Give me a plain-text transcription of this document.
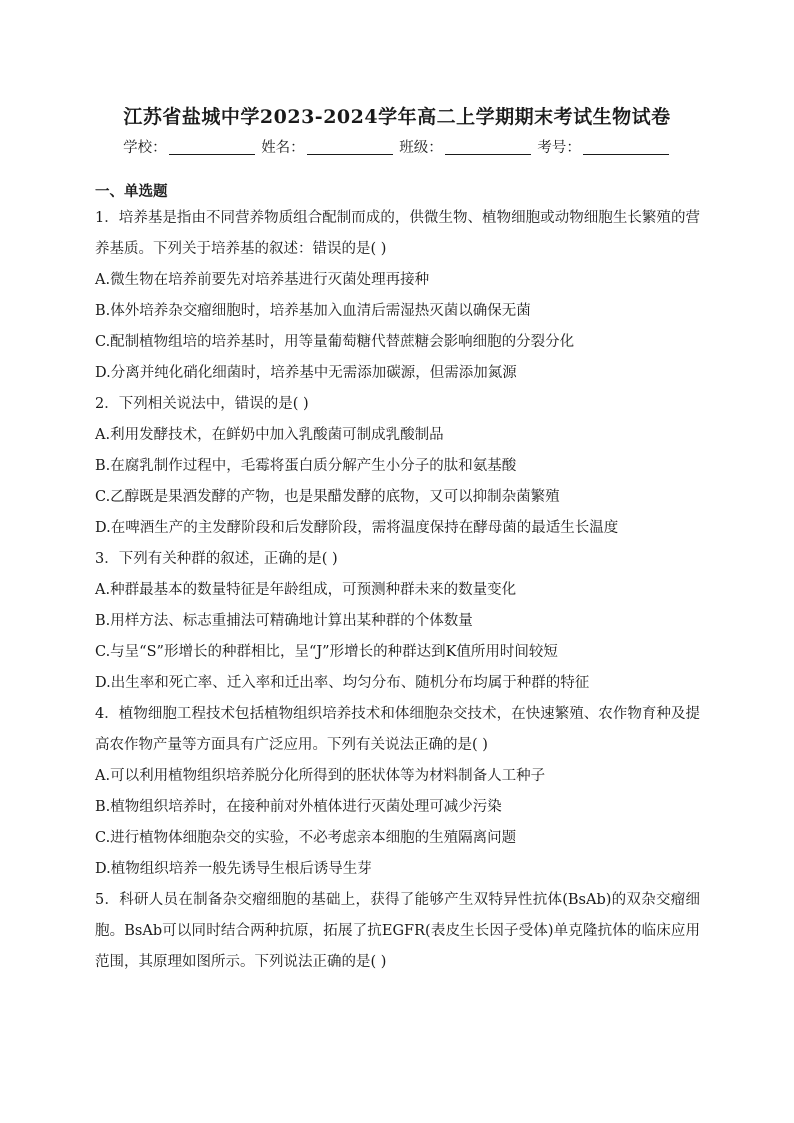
江苏省盐城中学2023-2024学年高二上学期期末考试生物试卷
学校：	姓名：	班级：	考号：
一、单选题
1．培养基是指由不同营养物质组合配制而成的，供微生物、植物细胞或动物细胞生长繁殖的营养基质。下列关于培养基的叙述：错误的是( )
A.微生物在培养前要先对培养基进行灭菌处理再接种
B.体外培养杂交瘤细胞时，培养基加入血清后需湿热灭菌以确保无菌
C.配制植物组培的培养基时，用等量葡萄糖代替蔗糖会影响细胞的分裂分化
D.分离并纯化硝化细菌时，培养基中无需添加碳源，但需添加氮源
2．下列相关说法中，错误的是( )
A.利用发酵技术，在鲜奶中加入乳酸菌可制成乳酸制品
B.在腐乳制作过程中，毛霉将蛋白质分解产生小分子的肽和氨基酸
C.乙醇既是果酒发酵的产物，也是果醋发酵的底物，又可以抑制杂菌繁殖
D.在啤酒生产的主发酵阶段和后发酵阶段，需将温度保持在酵母菌的最适生长温度
3．下列有关种群的叙述，正确的是( )
A.种群最基本的数量特征是年龄组成，可预测种群未来的数量变化
B.用样方法、标志重捕法可精确地计算出某种群的个体数量
C.与呈“S”形增长的种群相比，呈“J”形增长的种群达到K值所用时间较短
D.出生率和死亡率、迁入率和迁出率、均匀分布、随机分布均属于种群的特征
4．植物细胞工程技术包括植物组织培养技术和体细胞杂交技术，在快速繁殖、农作物育种及提高农作物产量等方面具有广泛应用。下列有关说法正确的是( )
A.可以利用植物组织培养脱分化所得到的胚状体等为材料制备人工种子
B.植物组织培养时，在接种前对外植体进行灭菌处理可减少污染
C.进行植物体细胞杂交的实验，不必考虑亲本细胞的生殖隔离问题
D.植物组织培养一般先诱导生根后诱导生芽
5．科研人员在制备杂交瘤细胞的基础上，获得了能够产生双特异性抗体(BsAb)的双杂交瘤细胞。BsAb可以同时结合两种抗原，拓展了抗EGFR(表皮生长因子受体)单克隆抗体的临床应用范围，其原理如图所示。下列说法正确的是( )
